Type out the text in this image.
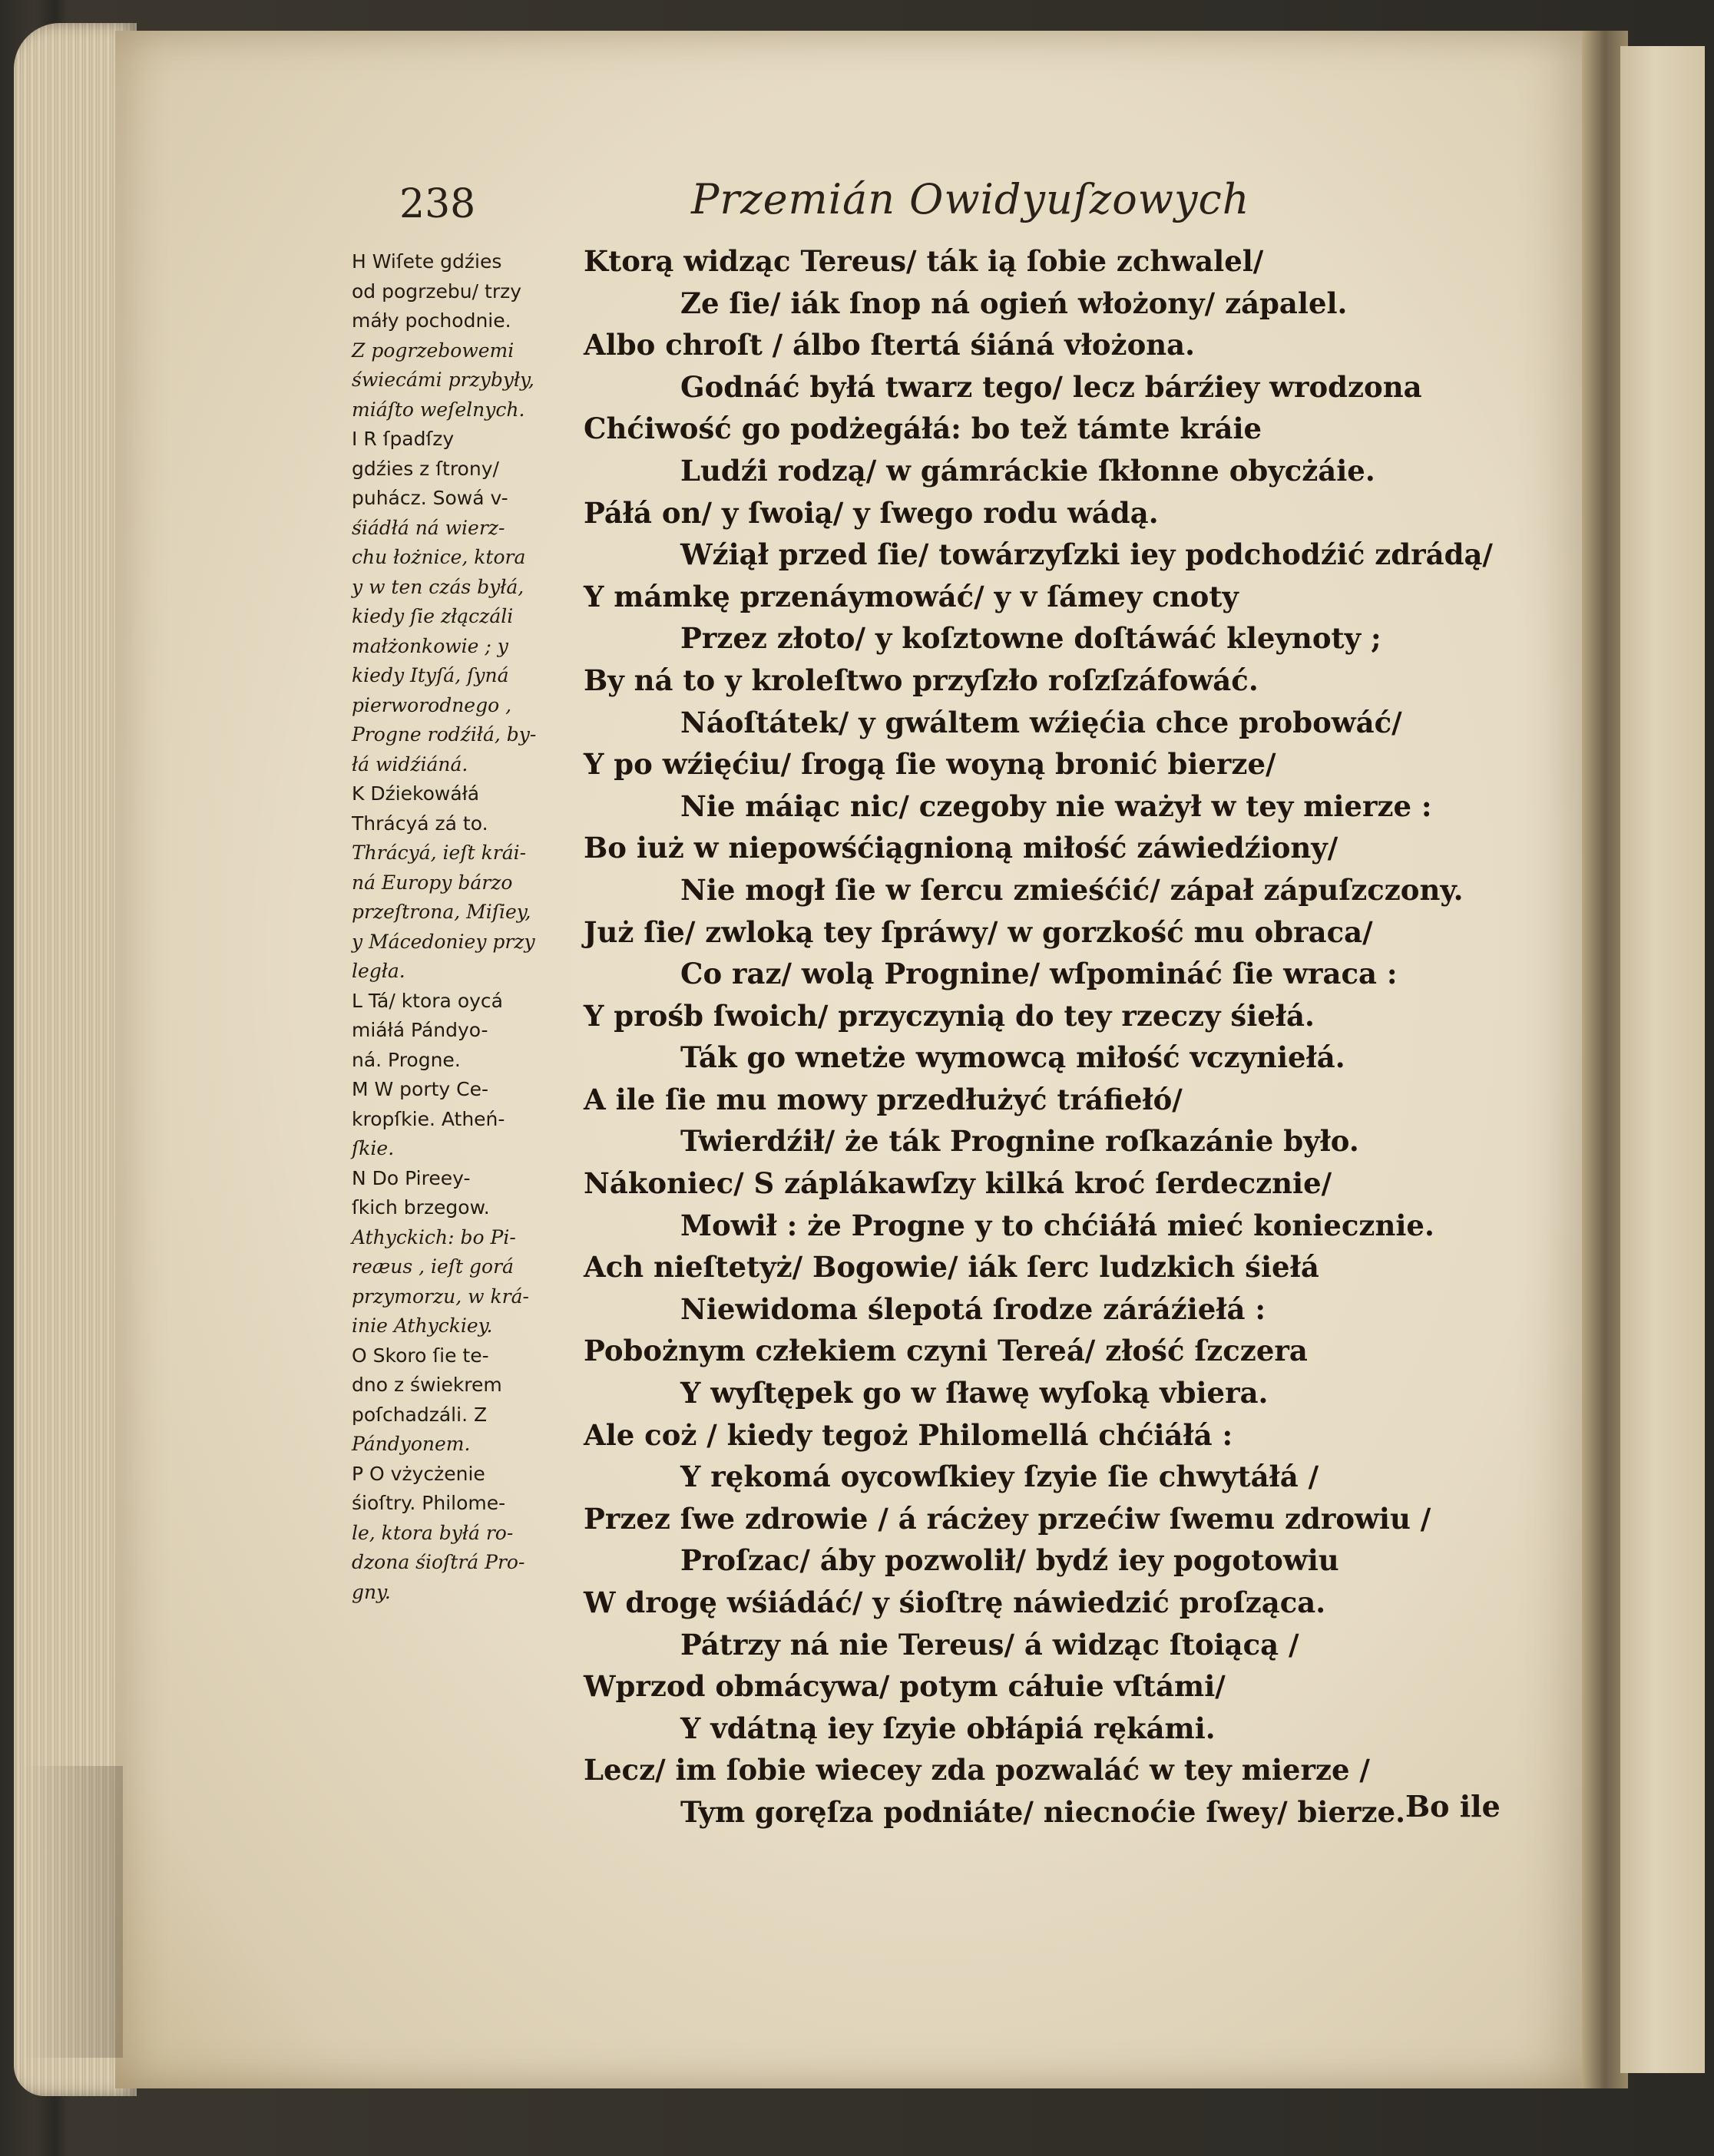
238	Przemián Owidyuſzowych
H Wiſete gdźies
od pogrzebu/ trzy
máły pochodnie.
Z pogrzebowemi
świecámi przybyły,
miáſto weſelnych.
I R ſpadſzy
gdźies z ſtrony/
puhácz. Sowá v-
śiádłá ná wierz-
chu łożnice, ktora
y w ten czás byłá,
kiedy ſie złączáli
małżonkowie ; y
kiedy Ityſá, ſyná
pierworodnego ,
Progne rodźiłá, by-
łá widźiáná.
K Dźiekowáłá
Thrácyá zá to.
Thrácyá, ieſt krái-
ná Europy bárzo
przeſtrona, Miſiey,
y Mácedoniey przy
legła.
L Tá/ ktora oycá
miáłá Pándyo-
ná. Progne.
M W porty Ce-
kropſkie. Atheń-
ſkie.
N Do Pireey-
ſkich brzegow.
Athyckich: bo Pi-
reæus , ieſt gorá
przymorzu, w krá-
inie Athyckiey.
O Skoro ſie te-
dno z świekrem
poſchadzáli. Z
Pándyonem.
P O vżycżenie
śioſtry. Philome-
le, ktora byłá ro-
dzona śioſtrá Pro-
gny.
Ktorą widząc Tereus/ ták ią ſobie zchwalel/
Ze ſie/ iák ſnop ná ogień włożony/ zápalel.
Albo chroſt / álbo ſtertá śiáná vłożona.
Godnáć byłá twarz tego/ lecz bárźiey wrodzona
Chćiwość go podżegáłá: bo tež támte kráie
Ludźi rodzą/ w gámráckie ſkłonne obycżáie.
Páłá on/ y ſwoią/ y ſwego rodu wádą.
Wźiął przed ſie/ towárzyſzki iey podchodźić zdrádą/
Y mámkę przenáymowáć/ y v ſámey cnoty
Przez złoto/ y koſztowne doſtáwáć kleynoty ;
By ná to y kroleſtwo przyſzło roſzſzáfowáć.
Náoſtátek/ y gwáltem wźięćia chce probowáć/
Y po wźięćiu/ ſrogą ſie woyną bronić bierze/
Nie máiąc nic/ czegoby nie ważył w tey mierze :
Bo iuż w niepowśćiągnioną miłość záwiedźiony/
Nie mogł ſie w ſercu zmieśćić/ zápał zápuſzczony.
Już ſie/ zwloką tey ſpráwy/ w gorzkość mu obraca/
Co raz/ wolą Prognine/ wſpomináć ſie wraca :
Y prośb ſwoich/ przyczynią do tey rzeczy śiełá.
Ták go wnetże wymowcą miłość vczyniełá.
A ile ſie mu mowy przedłużyć tráfiełó/
Twierdźił/ że ták Prognine roſkazánie było.
Nákoniec/ S záplákawſzy kilká kroć ſerdecznie/
Mowił : że Progne y to chćiáłá mieć koniecznie.
Ach nieſtetyż/ Bogowie/ iák ſerc ludzkich śiełá
Niewidoma ślepotá ſrodze záráźiełá :
Pobożnym człekiem czyni Tereá/ złość ſzczera
Y wyſtępek go w ſławę wyſoką vbiera.
Ale coż / kiedy tegoż Philomellá chćiáłá :
Y rękomá oycowſkiey ſzyie ſie chwytáłá /
Przez ſwe zdrowie / á rácżey przećiw ſwemu zdrowiu /
Proſzac/ áby pozwolił/ bydź iey pogotowiu
W drogę wśiádáć/ y śioſtrę náwiedzić proſząca.
Pátrzy ná nie Tereus/ á widząc ſtoiącą /
Wprzod obmácywa/ potym cáłuie vſtámi/
Y vdátną iey ſzyie obłápiá rękámi.
Lecz/ im ſobie wiecey zda pozwaláć w tey mierze /
Tym goręſza podniáte/ niecnoćie ſwey/ bierze. Bo ile
